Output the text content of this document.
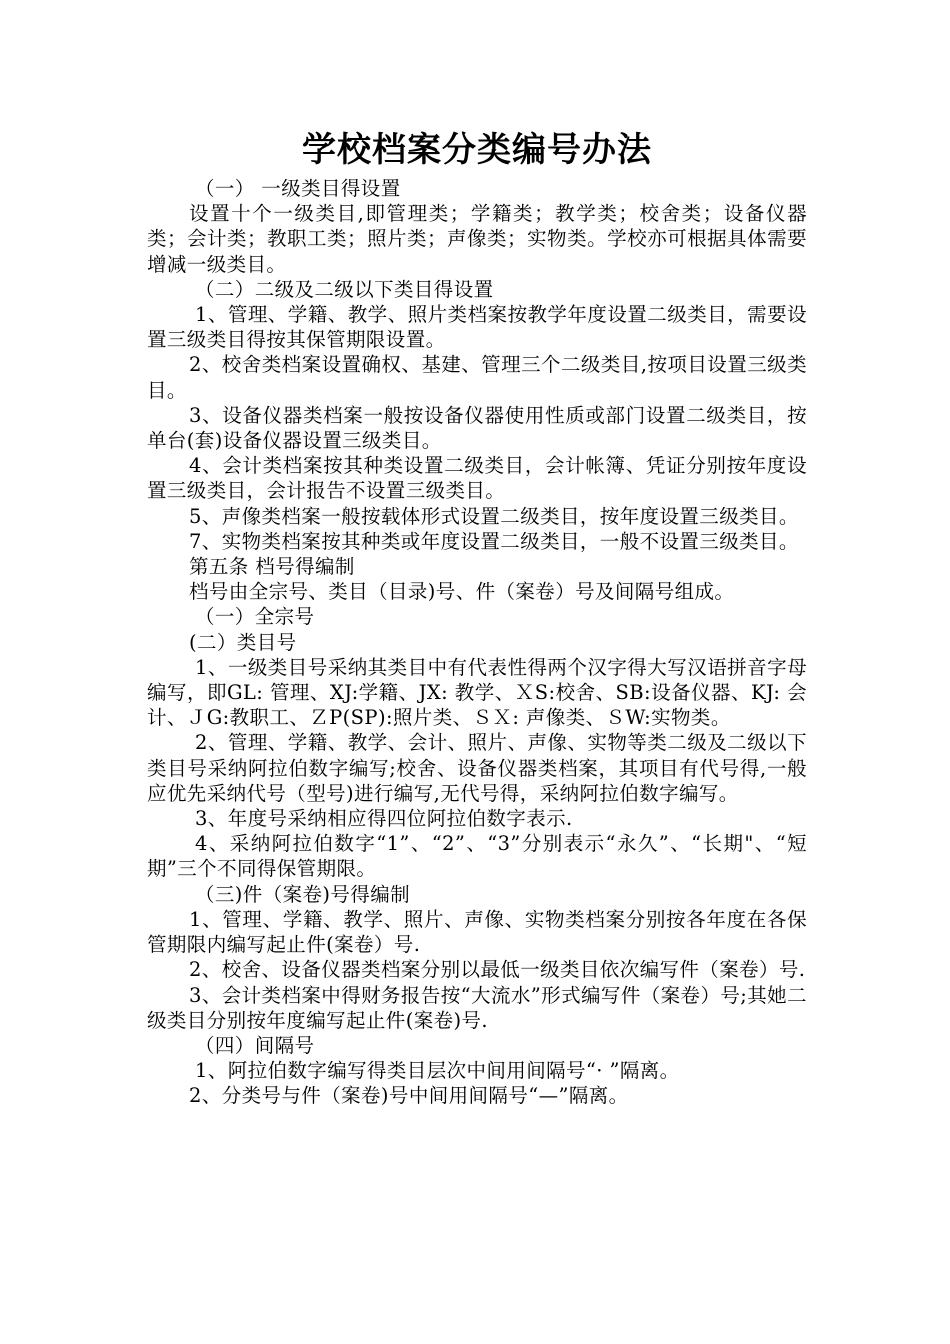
学校档案分类编号办法

（一） 一级类目得设置

设置十个一级类目,即管理类；学籍类；教学类；校舍类；设备仪器类；会计类；教职工类；照片类；声像类；实物类。学校亦可根据具体需要增减一级类目。

（二）二级及二级以下类目得设置

1、管理、学籍、教学、照片类档案按教学年度设置二级类目，需要设置三级类目得按其保管期限设置。

2、校舍类档案设置确权、基建、管理三个二级类目,按项目设置三级类目。

3、设备仪器类档案一般按设备仪器使用性质或部门设置二级类目，按单台(套)设备仪器设置三级类目。

4、会计类档案按其种类设置二级类目，会计帐簿、凭证分别按年度设置三级类目，会计报告不设置三级类目。

5、声像类档案一般按载体形式设置二级类目，按年度设置三级类目。

7、实物类档案按其种类或年度设置二级类目，一般不设置三级类目。

第五条 档号得编制

档号由全宗号、类目（目录)号、件（案卷）号及间隔号组成。

（一）全宗号

(二）类目号

1、一级类目号采纳其类目中有代表性得两个汉字得大写汉语拼音字母编写，即GL: 管理、XJ:学籍、JX: 教学、ＸS:校舍、SB:设备仪器、KJ: 会计、ＪG:教职工、ＺP(SP):照片类、ＳＸ: 声像类、ＳW:实物类。

2、管理、学籍、教学、会计、照片、声像、实物等类二级及二级以下类目号采纳阿拉伯数字编写;校舍、设备仪器类档案，其项目有代号得,一般应优先采纳代号（型号)进行编写,无代号得，采纳阿拉伯数字编写。

3、年度号采纳相应得四位阿拉伯数字表示.

4、采纳阿拉伯数字“1”、“2”、“3”分别表示“永久”、“长期"、“短期”三个不同得保管期限。

（三)件（案卷)号得编制

1、管理、学籍、教学、照片、声像、实物类档案分别按各年度在各保管期限内编写起止件(案卷）号.

2、校舍、设备仪器类档案分别以最低一级类目依次编写件（案卷）号.

3、会计类档案中得财务报告按“大流水”形式编写件（案卷）号;其她二级类目分别按年度编写起止件(案卷)号.

（四）间隔号

1、阿拉伯数字编写得类目层次中间用间隔号“· ”隔离。

2、分类号与件（案卷)号中间用间隔号“—”隔离。
